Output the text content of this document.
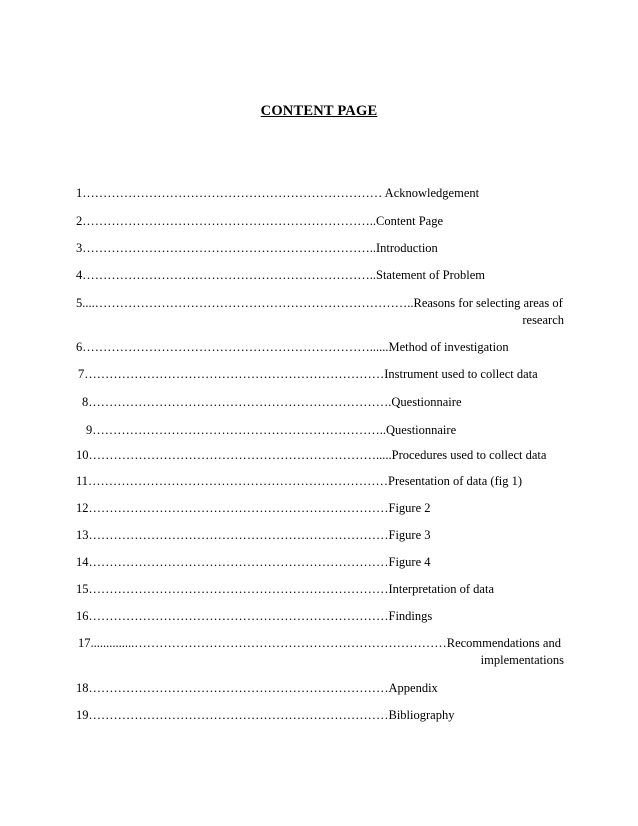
CONTENT PAGE
1……………………………………………………………… Acknowledgement
2……………………………………………………………..Content Page
3……………………………………………………………..Introduction
4……………………………………………………………..Statement of Problem
5....…………………………………………………………………..Reasons for selecting areas of
research
6……………………………………………………………......Method of investigation
7………………………………………………………………Instrument used to collect data
8……………………………………………………………….Questionnaire
9……………………………………………………………..Questionnaire
10…………………………………………………………….....Procedures used to collect data
11………………………………………………………………Presentation of data (fig 1)
12………………………………………………………………Figure 2
13………………………………………………………………Figure 3
14………………………………………………………………Figure 4
15………………………………………………………………Interpretation of data
16………………………………………………………………Findings
17..............…………………………………………………………………Recommendations and
implementations
18………………………………………………………………Appendix
19………………………………………………………………Bibliography
